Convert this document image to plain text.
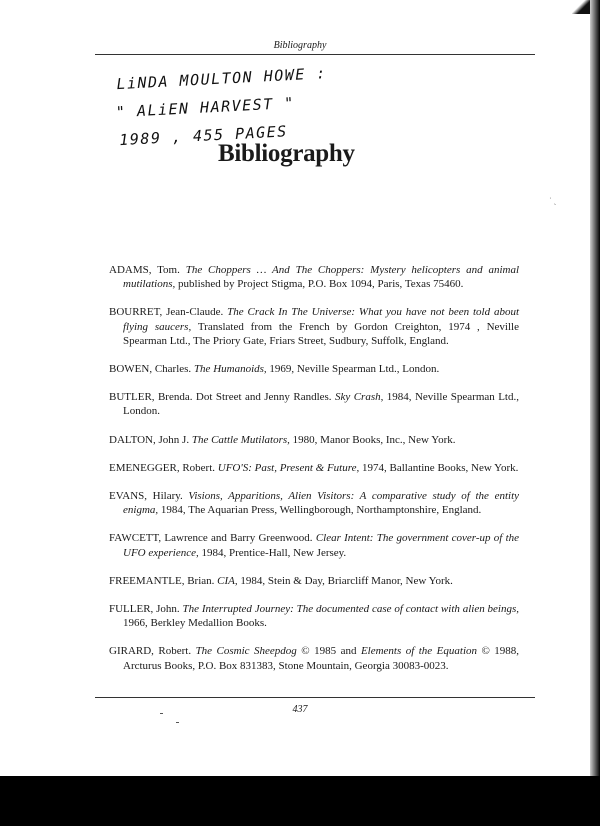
Bibliography
LiNDA MOULTON HOWE :
" ALiEN HARVEST "
1989 , 455 PAGES
Bibliography
˙ ˎ

ADAMS, Tom. The Choppers … And The Choppers: Mystery helicopters and animal mutilations, published by Project Stigma, P.O. Box 1094, Paris, Texas 75460.

BOURRET, Jean-Claude. The Crack In The Universe: What you have not been told about flying saucers, Translated from the French by Gordon Creighton, 1974 , Neville Spearman Ltd., The Priory Gate, Friars Street, Sudbury, Suffolk, England.

BOWEN, Charles. The Humanoids, 1969, Neville Spearman Ltd., London.

BUTLER, Brenda. Dot Street and Jenny Randles. Sky Crash, 1984, Neville Spearman Ltd., London.

DALTON, John J. The Cattle Mutilators, 1980, Manor Books, Inc., New York.

EMENEGGER, Robert. UFO'S: Past, Present & Future, 1974, Ballantine Books, New York.

EVANS, Hilary. Visions, Apparitions, Alien Visitors: A comparative study of the entity enigma, 1984, The Aquarian Press, Wellingborough, Northamptonshire, England.

FAWCETT, Lawrence and Barry Greenwood. Clear Intent: The government cover-up of the UFO experience, 1984, Prentice-Hall, New Jersey.

FREEMANTLE, Brian. CIA, 1984, Stein & Day, Briarcliff Manor, New York.

FULLER, John. The Interrupted Journey: The documented case of contact with alien beings, 1966, Berkley Medallion Books.

GIRARD, Robert. The Cosmic Sheepdog © 1985 and Elements of the Equation © 1988, Arcturus Books, P.O. Box 831383, Stone Mountain, Georgia 30083-0023.

437
